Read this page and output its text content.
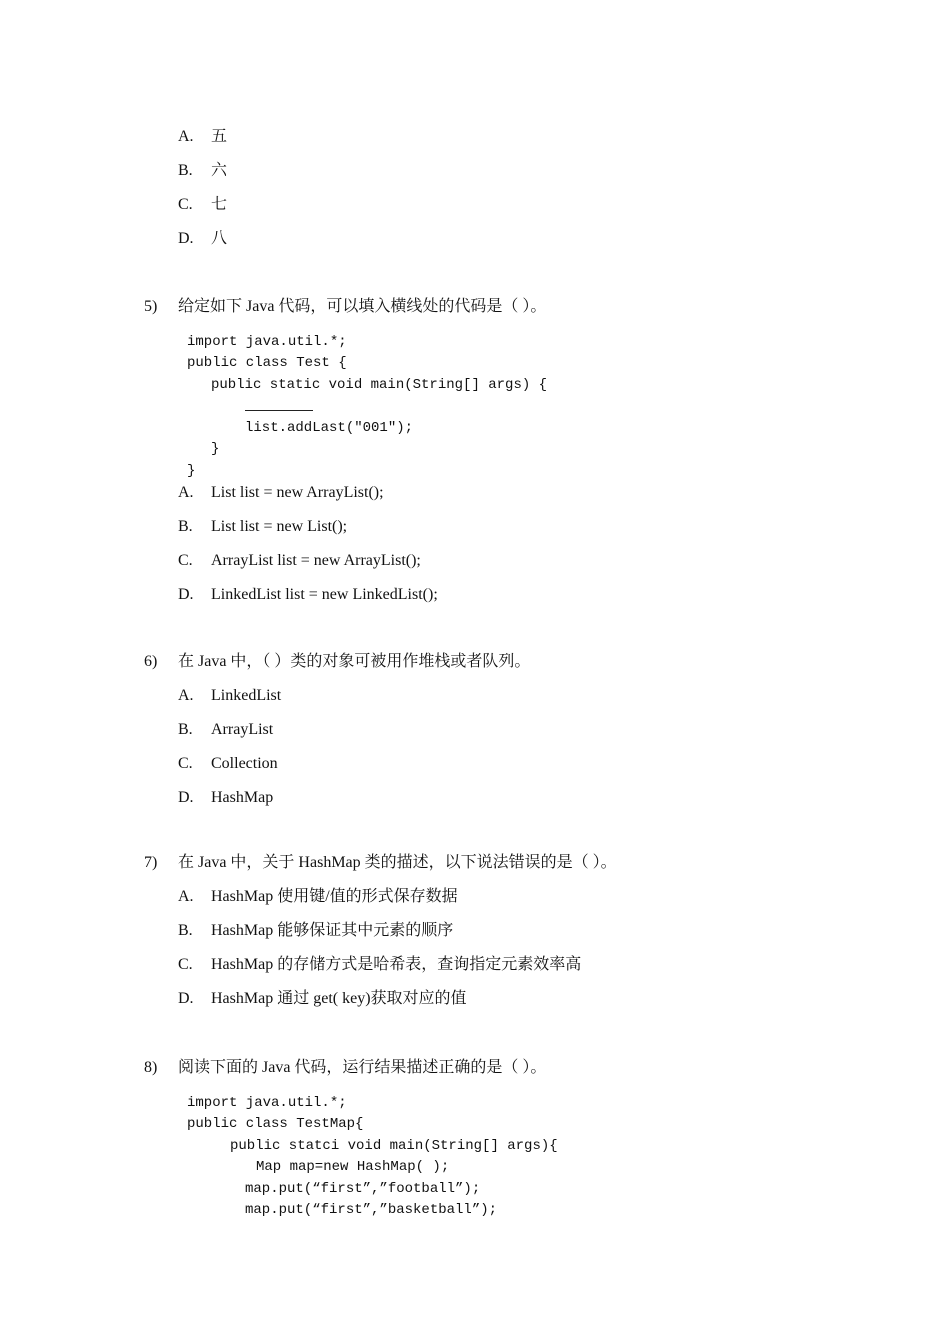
A. 五
B. 六
C. 七
D. 八
5) 给定如下 Java 代码，可以填入横线处的代码是（ ）。
import java.util.*;
public class Test {
public static void main(String[] args) {
list.addLast("001");
}
}
A. List list = new ArrayList();
B. List list = new List();
C. ArrayList list = new ArrayList();
D. LinkedList list = new LinkedList();
6) 在 Java 中，（ ）类的对象可被用作堆栈或者队列。
A. LinkedList
B. ArrayList
C. Collection
D. HashMap
7) 在 Java 中，关于 HashMap 类的描述，以下说法错误的是（ ）。
A. HashMap 使用键/值的形式保存数据
B. HashMap 能够保证其中元素的顺序
C. HashMap 的存储方式是哈希表，查询指定元素效率高
D. HashMap 通过 get( key)获取对应的值
8) 阅读下面的 Java 代码，运行结果描述正确的是（ ）。
import java.util.*;
public class TestMap{
public statci void main(String[] args){
Map map=new HashMap( );
map.put(“first”,”football”);
map.put(“first”,”basketball”);
